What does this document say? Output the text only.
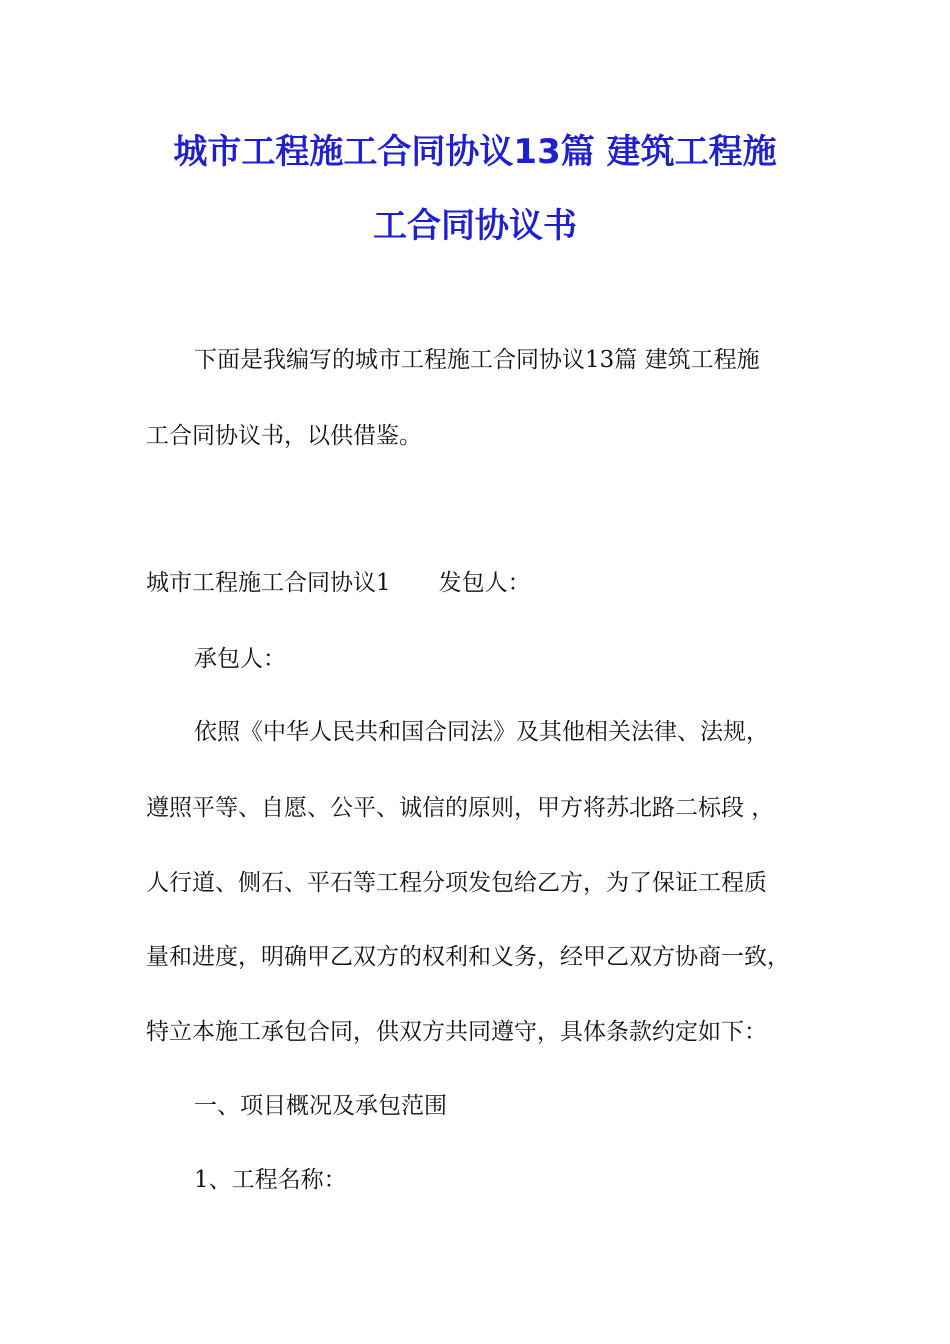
城市工程施工合同协议13篇 建筑工程施
工合同协议书
下面是我编写的城市工程施工合同协议13篇 建筑工程施
工合同协议书，以供借鉴。
城市工程施工合同协议1 发包人：
承包人：
依照《中华人民共和国合同法》及其他相关法律、法规，
遵照平等、自愿、公平、诚信的原则，甲方将苏北路二标段 ，
人行道、侧石、平石等工程分项发包给乙方，为了保证工程质
量和进度，明确甲乙双方的权利和义务，经甲乙双方协商一致，
特立本施工承包合同，供双方共同遵守，具体条款约定如下：
一、项目概况及承包范围
1、工程名称：
